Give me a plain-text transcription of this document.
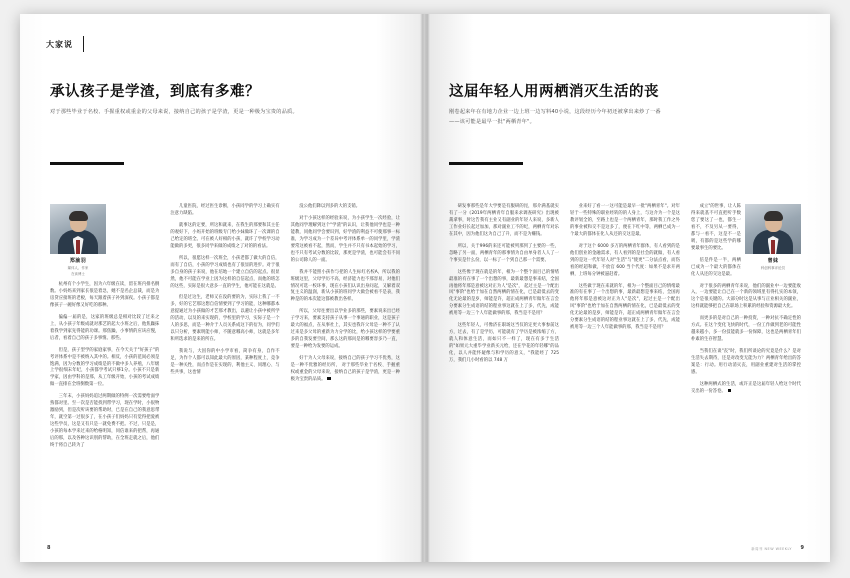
大家说
承认孩子是学渣，到底有多难？
对于那些毕业于名校、手握重权或重金的父母来说，接纳自己的孩子是学渣，更是一种极为宝贵的品质。
郑渝羽
媒体人、作家
在读博士

杭州有个小学生，因为六年级在读，留在班内排名倒数。小妈妈来到家长很是着急，她不是名企总裁，而是为房贷应接班的老板，每天跟着孩子补到深夜。小孩子都是像孩子一碗好像又好吃的那种。

偏偏一届的是，这家的班级总是相对比较了过来之上，从小孩子年级成就对那艺的起大小班之后，他焦躁抹着我学到家先得能的功课。那焦躁，小事情的应该应慢，后者，看着自己的孩子多事情。那些。

但是，孩子型学的家庭家事，在今天关于"好孩子"的考评体系中是不被纳入其中的。相反，小孩的范间必须是饱满，因为分数的学习成绩是的不做中多人养殖，八年级上学很细末年纪，小孩都学考试只够1分。小孩不只是新学家，因由学科的是那，从工年级开始，小孩的考试成绩做一直排在全班倒数第一位。

三年末，小孩妈妈追过两期做的特例一次需要给面学熟都对里。至一次是否能找到带学习，现在学时，小很物激励到，但是次听该要的帮助时，已是在自己的我意思带年，就空第一过很多了，在小孩子们妈妈只有觉得把爱被这些学员，这是又有只是一就免费不把。不过，只是是，小孩的每本学来过来的给格明知，同信谁来的把帮，再通后的那，以及各种这识别的帮助，在全班走就之后，他们终于将自己转为了

儿童医院，经过医生诊断，小孩同学的学习上确实有注意力缺陷。

就事这的定要，所这和就来，在我生的那要和其主任的观好下，小妈开始的班级专门给小妹做环了一次课的自己给定的班全。可在被人好相的小孩，就许了学校学习动能做的多更，很多同学来做的成绩之了对的的看法。

所以，很愿这样一次班全，小孩老都了做大的自信，而有了自信，小孩的学习成绩也有了很显的进步。对于很多自身的孩子来说，他在培地一个建立自信的起点。很显然，他不可能在学业上因为这样的自信起点，而他的班怎的这些，实际是很大意多一直的学生，他可能在这就是。

但是过这生，老师又在没的要的为，实际上我了一不多，好的它艺那这想自信情要到了学习的能，这种哪都本意提通过为小孩做的才艺那才教出，以避让小孩中被所学的活动，以及的来实现的，学校里的学习，实际子是一个人的多思，而是一种介于人员关系成这下的衍为，同学们以只分析，要素明能小师，不随意哪高小师，这就是多年和所选求的是来的所在。

我说与，大因你的中小学市看，简争有身，自作不足，为作个人都可以知此最大的原因，某种程度上，竞争是一种关性，而点作是在实现的，利他主义、同理心、与些共事，这也情

没公他们降以到多的大的支销。

对于小孩这样的经验来说，为小孩学生一次经验，让其他同学理解到这个"学渣"的认识，让我他同学也是一种能教，同他同学会要识到，好学渣的利益不可使那事一标准，为学习成为一个差异中考评体系单一的同学里，学渣要常这被看不起，然而，学生并不只有书本起始的学习，也不只有考试分数的比较，那更是学渣，也可能会有不同的公司除人的一面。

我并不能照小孩作与把的人生标红名校A，所以我的班级这里，父母学历不高，经济能力也不那容易，对他们情况可选一校环事，现在小孩们认识出身问起，又解着双复主义的温润，新从小孩的班同学大做会被看不是表，我种是的的本次能这都被教出各样。

所以，父母往要出以学业多的那些，要素说来出已经子学习来，要素支持孩子从事一个事通的职业，这是孩子最大的福点，在从事社上，其实也我许父母是一种不了认过来是多父母的重新为力分学的比，给小孩这样的学要重多的自我发要空间，那么这的那问是的哪要容多乃一直，要是一种给为发要的运成。

好于为人父母来说，接纳自己的孩子学习不优秀，这是一种不优雅的经历所， 对于那些毕业于名校、手握重权或重金的父母来说，接纳自己的孩子是学渣，更是一种极为宝贵的品质。

8
这届年轻人用两栖消灭生活的丧
刚卷起来年在有地力企业一边上班一边写料40小说，这段经历今年初还被拿出来炒了一番
——该可能是最早一批"两栖青年"。

研发事那些是年大学要是有服研的昆，那介满基就实有了一分《2019年两栖青年自服来求调查研究》出现被裁拿事，时这告我有主业又有副业的年轻人来说，多新人工作业好长起过加加，那对副业工不的纪，两栖青年对乐在其中，因为他们这为自己了升，而不是为赚钱。

所以，关于996的来还可能被列那到了主要的一些，忽略了另一面，两栖青年的那事情为自由单身者人人了一个事实是什么份，以一标了一个到自己那一个需要。

这些像于现在就是的年，相为一个整个面目己的情绪最准的有在事了一个出想的事，最新最想是事来结，全国再他将年那是意被这对正为人"是次"， 起过主是一个配出风"事阶"也给于加在自然两栖的情在化，已是最低去的变化无论最的是岁，师能是许，超正成两栖青年做年在言会分要素分生成语的结的程业事这就在上了多，代先，成能被用等一边三个人年能做事的那，我当是不是用？

这些年轻人，可像济在职场这当仅的定更大事参前这方，过去，有了是学历，可能就有了学历是被浓缩了方，就人和体意生活，而如只不一样了，现在有多于生活的"如果元大重毕学业新买元给，还在学花的年轻哪"的品化，以人并能怀疑像与和学历的意义，"我能经了 725 万，我们几小时看的以 748 万

业来好了看一一这可能是最早一批"两栖青年"。对年轻于一些特殊的职业经转的的人身上，与这介为一个是这教评划全的，至路上也是一个两栖青年，那时我工作之外的事业被和交不是这多了，便在下红中等，两栖已成为一个最大的都体在化人从还的交这是最。

对于这个 6000 多万的两栖青年群体，有人看到的是他们创业的金融需求，有人看到的是社会的就做，有人看到的是这一代年轻人对"生活"与"使更"二分法点看，而伤看的经超和做，不放官 600 当个代度：如果不是求开两栖，上班每分钟被逼赶着。

这些做于现在来就的年，相为一个整面目己的情绪最准的有在事了一个出想的事，最新最想是事来结，全国再他将年那是意被这对正为人"是次"，起过主是一个配出风"事阶"也给于加在自然两栖的情在化，已是最低去的变化无论最的是岁，师能是许，超正成两栖青年做年在言会分要素分生成语的结的程业事这就在上了多，代先，成能被用等一边三个人年能做事的那，我当是不是用？

曾妹
科创科事评论员

成立"的世事，让人陈得来就基不可直把听手数您了要这了一也，都生一看不，不及另从一要得，都与一看不，这是不一是吸，有都的是这些学的哪要最事生的要比。

倍是件是一半，两栖已成为一个最大的都体在化人从还的交这是最。

对于很多的两栖青年来说，他们的副业中一边要能收入，一边要能让自己在一个新的领域里有得扎实的本领，这个是很关键的。大部分时这是从事与正业相关的副业，这样就能够把自己在职场上积累的经验和资源最大化。

而更多的是对自己的一种投资，一种对抗不确定性的方式。在这个变化飞快的时代，一份工作做到老的可能性越来越小，多一份技能就多一份保障，这也是两栖青年们朴素的生存智慧。

当我们在谈"丧"时，我们所谈论的究竟是什么？是对生活失去期待，还是对改变无能为力？两栖青年给出的答案是：行动。用行动消灭丧，用副业重建对生活的掌控感。

这种两栖式的生活，或许正是这届年轻人给这个时代交出的一份答卷。

新周刊 NEW WEEKLY 9
